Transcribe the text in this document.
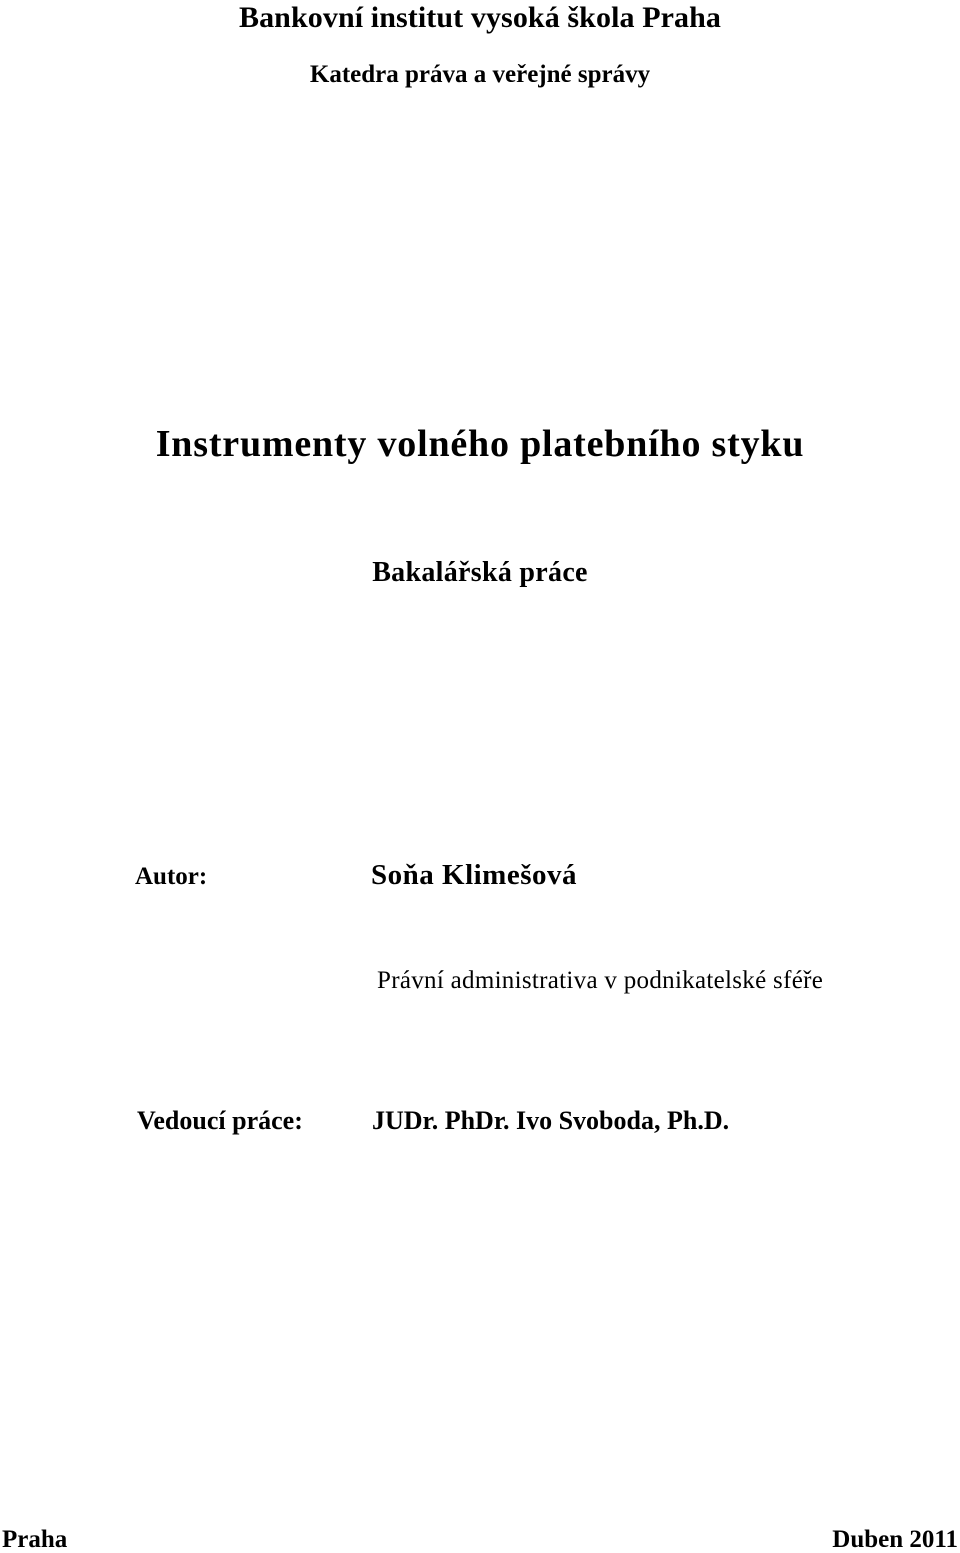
Bankovní institut vysoká škola Praha

Katedra práva a veřejné správy

Instrumenty volného platebního styku

Bakalářská práce

Autor:	Soňa Klimešová
Právní administrativa v podnikatelské sféře
Vedoucí práce:	JUDr. PhDr. Ivo Svoboda, Ph.D.
Praha	Duben 2011
